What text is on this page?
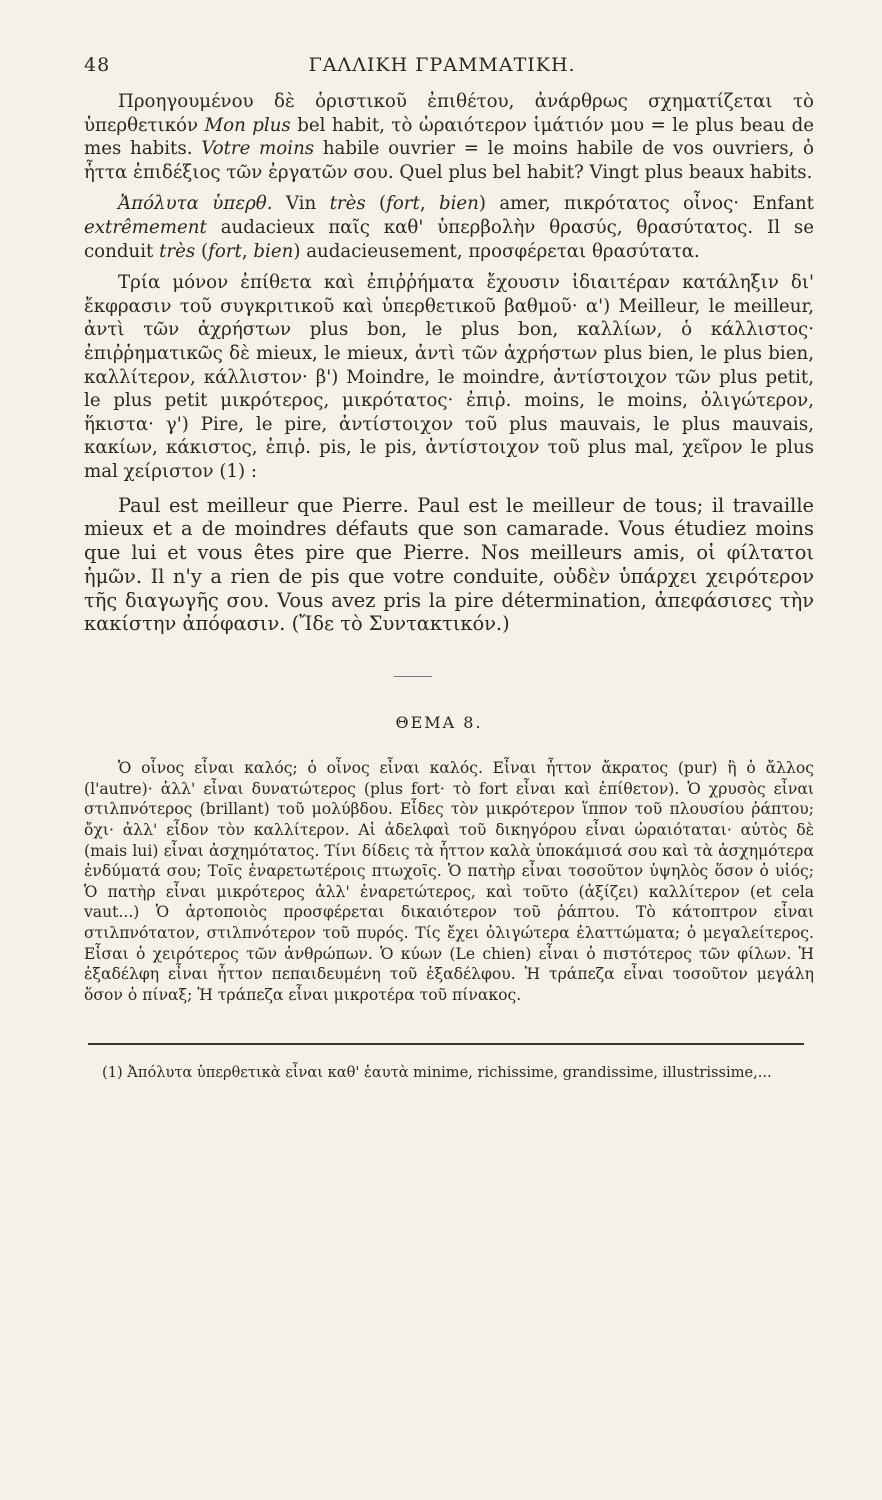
48	ΓΑΛΛΙΚΗ ΓΡΑΜΜΑΤΙΚΗ.

Προηγουμένου δὲ ὁριστικοῦ ἐπιθέτου, ἀνάρθρως σχηματίζεται τὸ ὑπερθετικόν Mon plus bel habit, τὸ ὡραιότερον ἱμάτιόν μου = le plus beau de mes habits. Votre moins habile ouvrier = le moins habile de vos ouvriers, ὁ ἧττα ἐπιδέξιος τῶν ἐργατῶν σου. Quel plus bel habit? Vingt plus beaux habits.

Ἀπόλυτα ὑπερθ. Vin très (fort, bien) amer, πικρότατος οἶνος· Enfant extrêmement audacieux παῖς καθ' ὑπερβολὴν θρασύς, θρασύτατος. Il se conduit très (fort, bien) audacieusement, προσφέρεται θρασύτατα.

Τρία μόνον ἐπίθετα καὶ ἐπιῤῥήματα ἔχουσιν ἰδιαιτέραν κατάληξιν δι' ἔκφρασιν τοῦ συγκριτικοῦ καὶ ὑπερθετικοῦ βαθμοῦ· α') Meilleur, le meilleur, ἀντὶ τῶν ἀχρήστων plus bon, le plus bon, καλλίων, ὁ κάλλιστος· ἐπιῤῥηματικῶς δὲ mieux, le mieux, ἀντὶ τῶν ἀχρήστων plus bien, le plus bien, καλλίτερον, κάλλιστον· β') Moindre, le moindre, ἀντίστοιχον τῶν plus petit, le plus petit μικρότερος, μικρότατος· ἐπιῤ. moins, le moins, ὀλιγώτερον, ἥκιστα· γ') Pire, le pire, ἀντίστοιχον τοῦ plus mauvais, le plus mauvais, κακίων, κάκιστος, ἐπιῤ. pis, le pis, ἀντίστοιχον τοῦ plus mal, χεῖρον le plus mal χείριστον (1) :

Paul est meilleur que Pierre. Paul est le meilleur de tous; il travaille mieux et a de moindres défauts que son camarade. Vous étudiez moins que lui et vous êtes pire que Pierre. Nos meilleurs amis, οἱ φίλτατοι ἡμῶν. Il n'y a rien de pis que votre conduite, οὐδὲν ὑπάρχει χειρότερον τῆς διαγωγῆς σου. Vous avez pris la pire détermination, ἀπεφάσισες τὴν κακίστην ἀπόφασιν. (Ἴδε τὸ Συντακτικόν.)

ΘΕΜΑ 8.

Ὁ οἶνος εἶναι καλός; ὁ οἶνος εἶναι καλός. Εἶναι ἧττον ἄκρατος (pur) ἢ ὁ ἄλλος (l'autre)· ἀλλ' εἶναι δυνατώτερος (plus fort· τὸ fort εἶναι καὶ ἐπίθετον). Ὁ χρυσὸς εἶναι στιλπνότερος (brillant) τοῦ μολύβδου. Εἶδες τὸν μικρότερον ἵππον τοῦ πλουσίου ῥάπτου; ὄχι· ἀλλ' εἶδον τὸν καλλίτερον. Αἱ ἀδελφαὶ τοῦ δικηγόρου εἶναι ὡραιόταται· αὐτὸς δὲ (mais lui) εἶναι ἀσχημότατος. Τίνι δίδεις τὰ ἧττον καλὰ ὑποκάμισά σου καὶ τὰ ἀσχημότερα ἐνδύματά σου; Τοῖς ἐναρετωτέροις πτωχοῖς. Ὁ πατὴρ εἶναι τοσοῦτον ὑψηλὸς ὅσον ὁ υἱός; Ὁ πατὴρ εἶναι μικρότερος ἀλλ' ἐναρετώτερος, καὶ τοῦτο (ἀξίζει) καλλίτερον (et cela vaut...) Ὁ ἀρτοποιὸς προσφέρεται δικαιότερον τοῦ ῥάπτου. Τὸ κάτοπτρον εἶναι στιλπνότατον, στιλπνότερον τοῦ πυρός. Τίς ἔχει ὀλιγώτερα ἐλαττώματα; ὁ μεγαλείτερος. Εἶσαι ὁ χειρότερος τῶν ἀνθρώπων. Ὁ κύων (Le chien) εἶναι ὁ πιστότερος τῶν φίλων. Ἡ ἐξαδέλφη εἶναι ἧττον πεπαιδευμένη τοῦ ἐξαδέλφου. Ἡ τράπεζα εἶναι τοσοῦτον μεγάλη ὅσον ὁ πίναξ; Ἡ τράπεζα εἶναι μικροτέρα τοῦ πίνακος.

(1) Ἀπόλυτα ὑπερθετικὰ εἶναι καθ' ἑαυτὰ minime, richissime, grandissime, illustrissime,...
